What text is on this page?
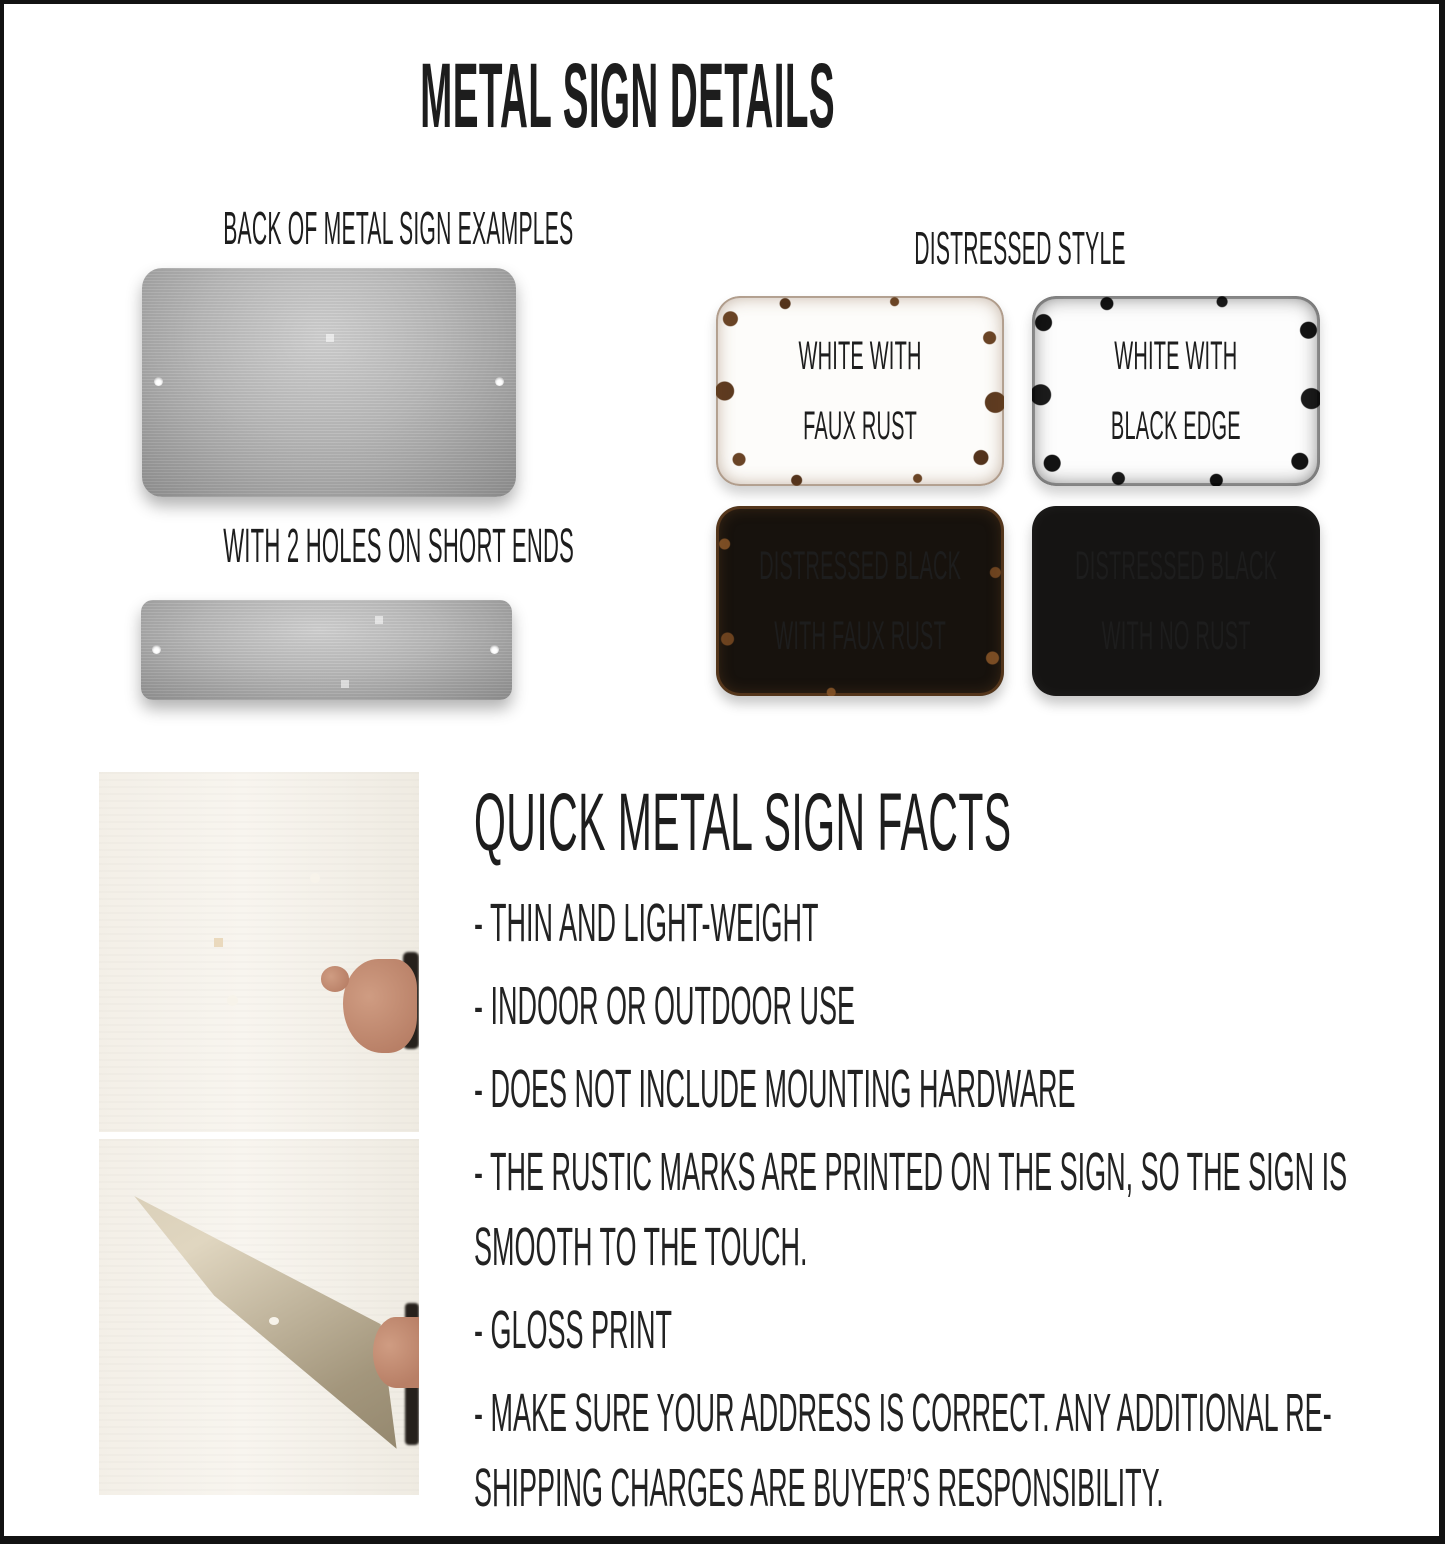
METAL SIGN DETAILS
BACK OF METAL SIGN EXAMPLES
WITH 2 HOLES ON SHORT ENDS
DISTRESSED STYLE
WHITE WITH
FAUX RUST
WHITE WITH
BLACK EDGE
DISTRESSED BLACK
WITH FAUX RUST
DISTRESSED BLACK
WITH NO RUST
QUICK METAL SIGN FACTS
- THIN AND LIGHT-WEIGHT
- INDOOR OR OUTDOOR USE
- DOES NOT INCLUDE MOUNTING HARDWARE
- THE RUSTIC MARKS ARE PRINTED ON THE SIGN, SO THE SIGN IS SMOOTH TO THE TOUCH.
- GLOSS PRINT
- MAKE SURE YOUR ADDRESS IS CORRECT. ANY ADDITIONAL RE-SHIPPING CHARGES ARE BUYER’S RESPONSIBILITY.
